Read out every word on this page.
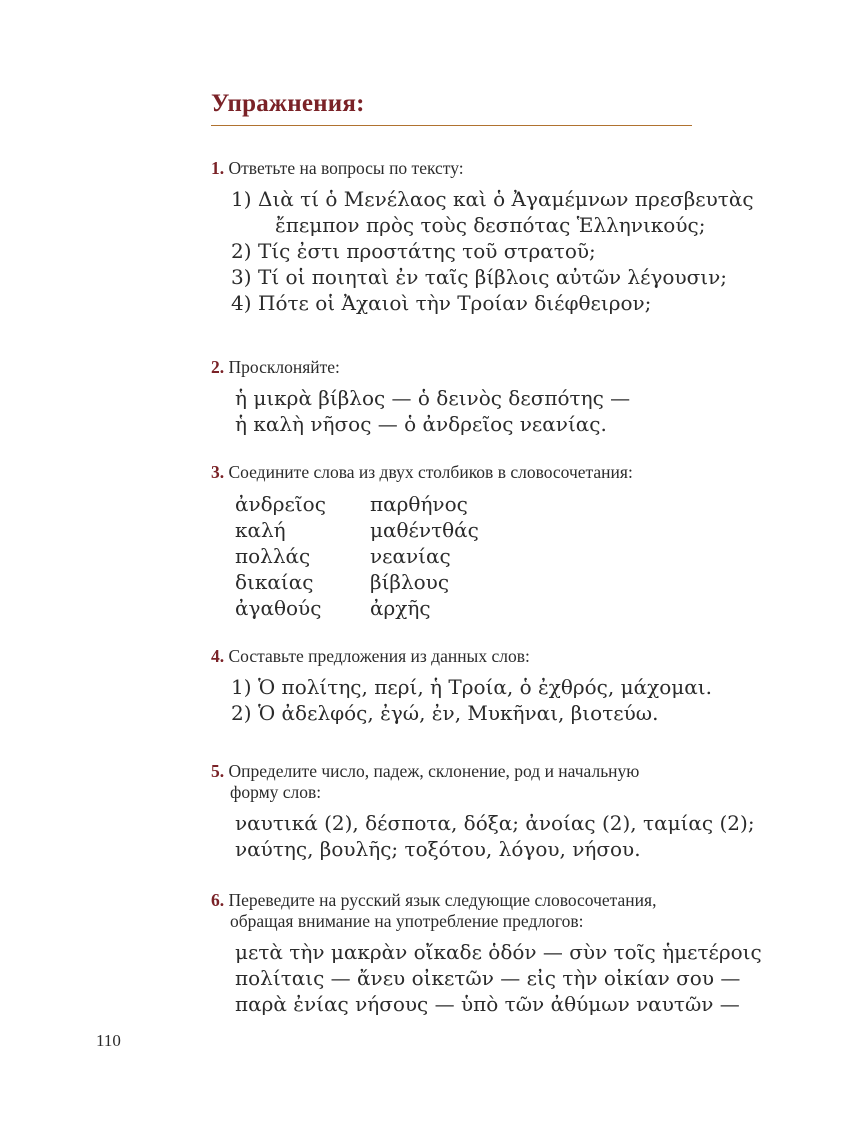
Упражнения:
1. Ответьте на вопросы по тексту:
1) Διὰ τί ὁ Μενέλαος καὶ ὁ Ἀγαμέμνων πρεσβευτὰς
ἔπεμπον πρὸς τοὺς δεσπότας Ἑλληνικούς;
2) Τίς ἐστι προστάτης τοῦ στρατοῦ;
3) Τί οἱ ποιηταὶ ἐν ταῖς βίβλοις αὐτῶν λέγουσιν;
4) Πότε οἱ Ἀχαιοὶ τὴν Τροίαν διέφθειρον;
2. Просклоняйте:
ἡ μικρὰ βίβλος — ὁ δεινὸς δεσπότης —
ἡ καλὴ νῆσος — ὁ ἀνδρεῖος νεανίας.
3. Соедините слова из двух столбиков в словосочетания:
ἀνδρεῖος	παρθήνος
καλή	μαθέντθάς
πολλάς	νεανίας
δικαίας	βίβλους
ἀγαθούς	ἀρχῆς
4. Составьте предложения из данных слов:
1) Ὁ πολίτης, περί, ἡ Τροία, ὁ ἐχθρός, μάχομαι.
2) Ὁ ἀδελφός, ἐγώ, ἐν, Μυκῆναι, βιοτεύω.
5. Определите число, падеж, склонение, род и начальную
форму слов:
ναυτικά (2), δέσποτα, δόξα; ἀνοίας (2), ταμίας (2);
ναύτης, βουλῆς; τοξότου, λόγου, νήσου.
6. Переведите на русский язык следующие словосочетания,
обращая внимание на употребление предлогов:
μετὰ τὴν μακρὰν οἴκαδε ὁδόν — σὺν τοῖς ἡμετέροις
πολίταις — ἄνευ οἰκετῶν — εἰς τὴν οἰκίαν σου —
παρὰ ἐνίας νήσους — ὑπὸ τῶν ἀθύμων ναυτῶν —
110
